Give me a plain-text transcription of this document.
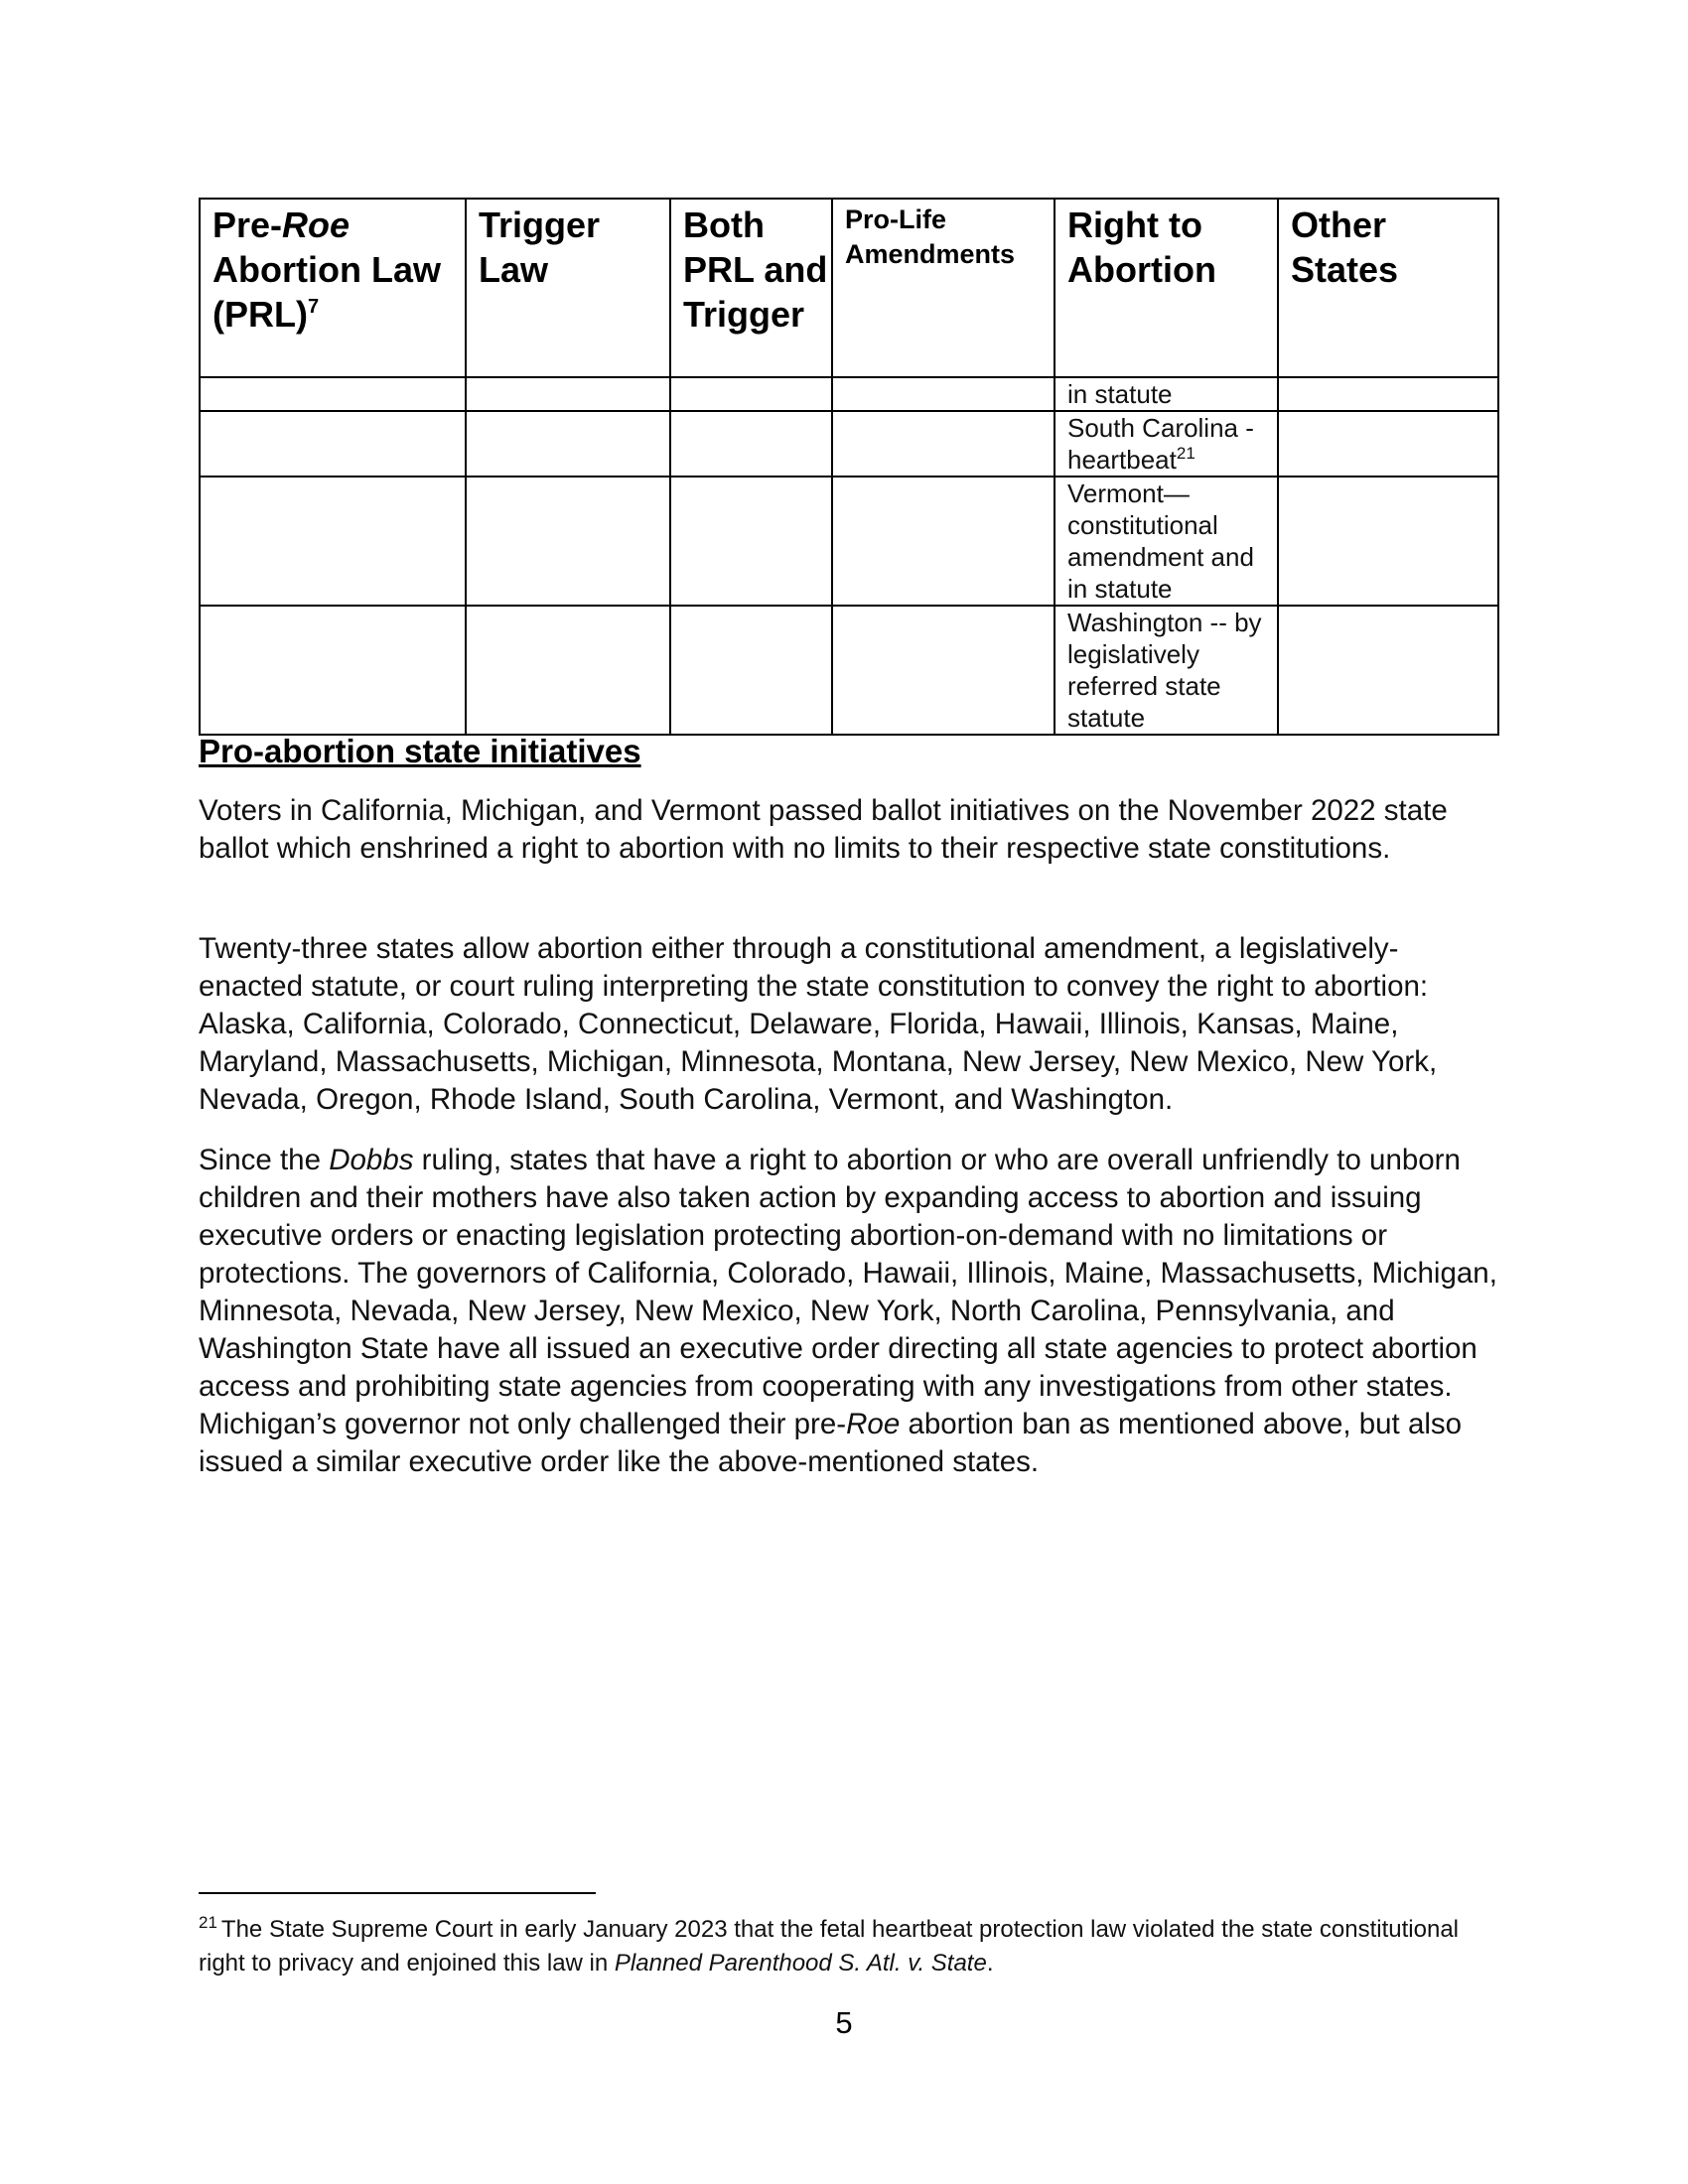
Pre-Roe Abortion Law (PRL)$^7$	Trigger Law	Both PRL and Trigger	Pro-Life Amendments	Right to Abortion	Other States
				in statute	
				South Carolina - heartbeat$^{21}$	
				Vermont—constitutional amendment and in statute	
				Washington -- by legislatively referred state statute	
Pro-abortion state initiatives

Voters in California, Michigan, and Vermont passed ballot initiatives on the November 2022 state ballot which enshrined a right to abortion with no limits to their respective state constitutions.

Twenty-three states allow abortion either through a constitutional amendment, a legislatively-enacted statute, or court ruling interpreting the state constitution to convey the right to abortion: Alaska, California, Colorado, Connecticut, Delaware, Florida, Hawaii, Illinois, Kansas, Maine, Maryland, Massachusetts, Michigan, Minnesota, Montana, New Jersey, New Mexico, New York, Nevada, Oregon, Rhode Island, South Carolina, Vermont, and Washington.

Since the Dobbs ruling, states that have a right to abortion or who are overall unfriendly to unborn children and their mothers have also taken action by expanding access to abortion and issuing executive orders or enacting legislation protecting abortion-on-demand with no limitations or protections. The governors of California, Colorado, Hawaii, Illinois, Maine, Massachusetts, Michigan, Minnesota, Nevada, New Jersey, New Mexico, New York, North Carolina, Pennsylvania, and Washington State have all issued an executive order directing all state agencies to protect abortion access and prohibiting state agencies from cooperating with any investigations from other states. Michigan’s governor not only challenged their pre-Roe abortion ban as mentioned above, but also issued a similar executive order like the above-mentioned states.

$^{21}$ The State Supreme Court in early January 2023 that the fetal heartbeat protection law violated the state constitutional right to privacy and enjoined this law in Planned Parenthood S. Atl. v. State.

5
